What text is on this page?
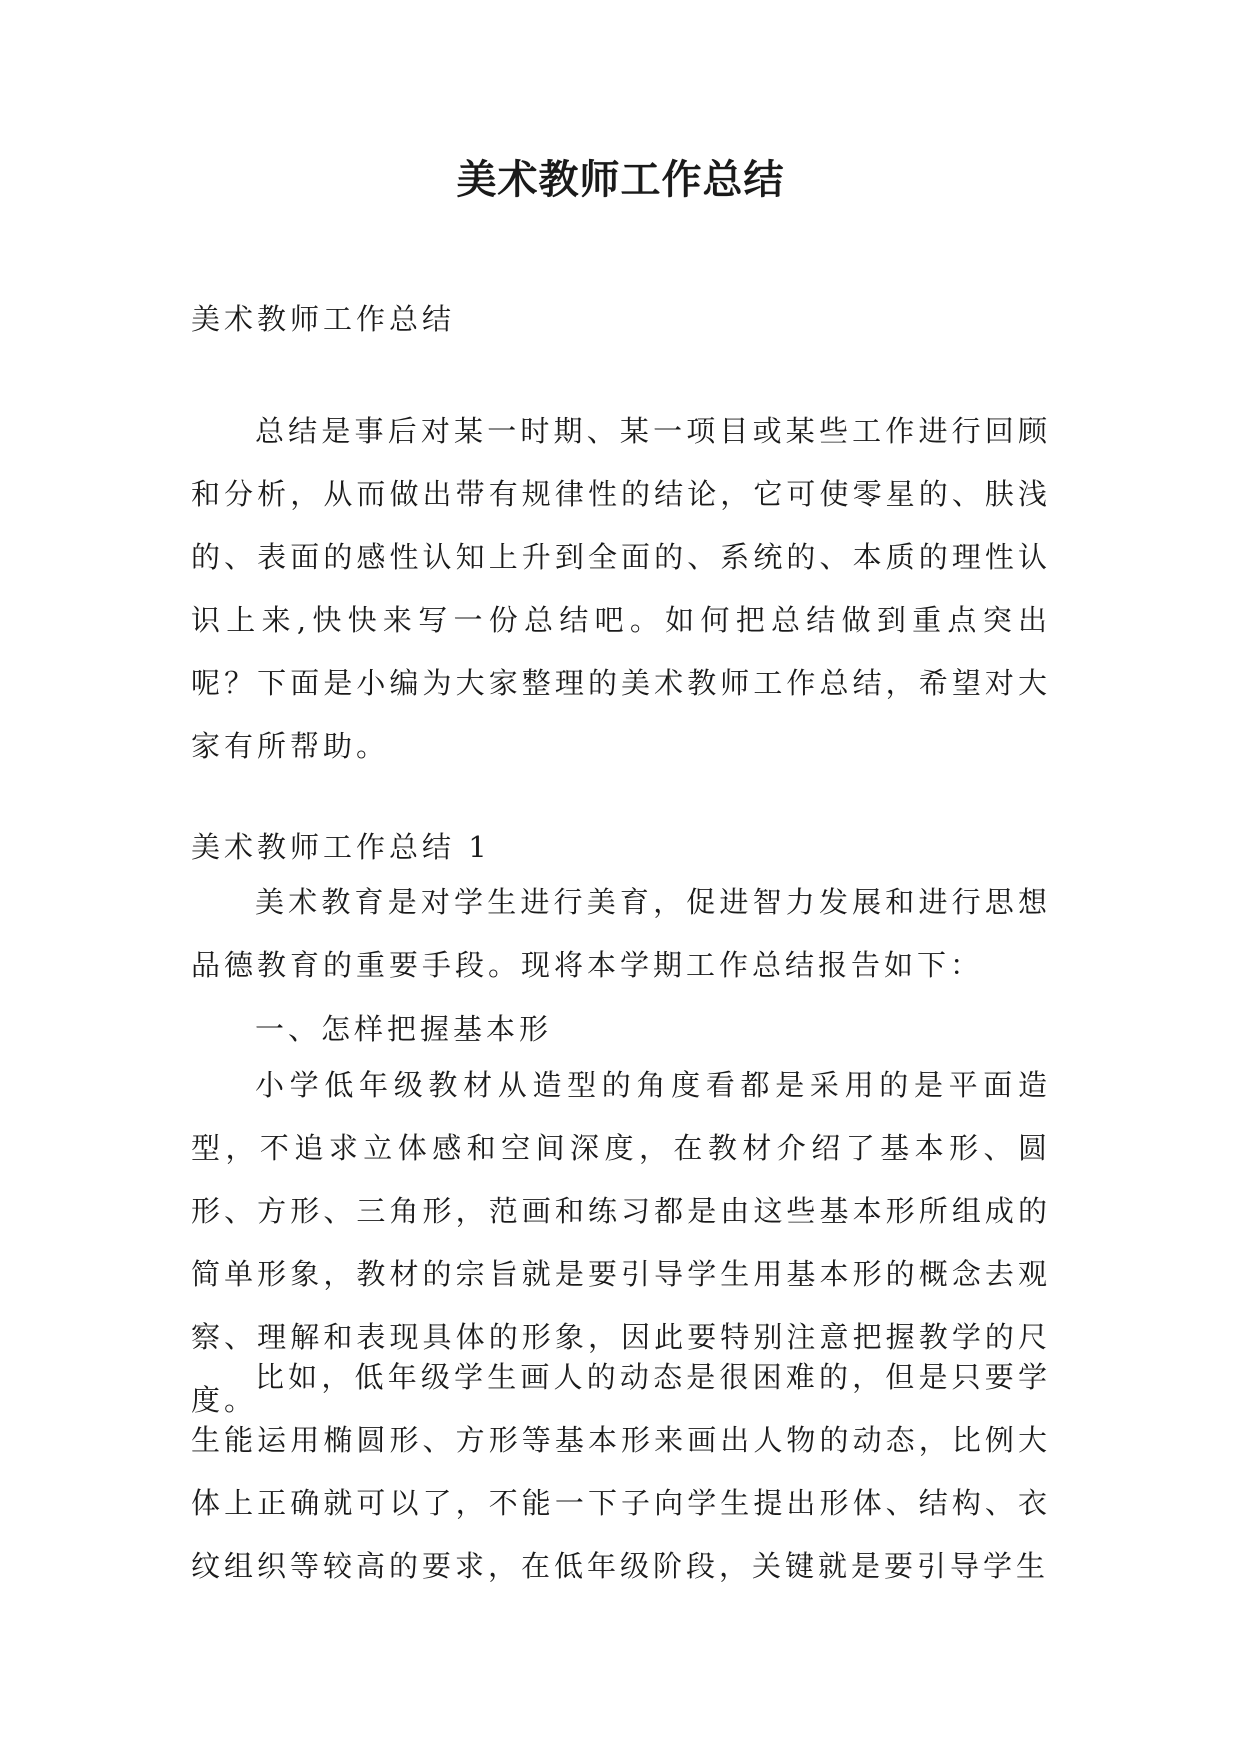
美术教师工作总结

美术教师工作总结

总结是事后对某一时期、某一项目或某些工作进行回顾和分析，从而做出带有规律性的结论，它可使零星的、肤浅的、表面的感性认知上升到全面的、系统的、本质的理性认识上来,快快来写一份总结吧。如何把总结做到重点突出呢？下面是小编为大家整理的美术教师工作总结，希望对大家有所帮助。

美术教师工作总结 1

美术教育是对学生进行美育，促进智力发展和进行思想品德教育的重要手段。现将本学期工作总结报告如下：

一、怎样把握基本形

小学低年级教材从造型的角度看都是采用的是平面造型，不追求立体感和空间深度，在教材介绍了基本形、圆形、方形、三角形，范画和练习都是由这些基本形所组成的简单形象，教材的宗旨就是要引导学生用基本形的概念去观察、理解和表现具体的形象，因此要特别注意把握教学的尺度。

比如，低年级学生画人的动态是很困难的，但是只要学生能运用椭圆形、方形等基本形来画出人物的动态，比例大体上正确就可以了，不能一下子向学生提出形体、结构、衣纹组织等较高的要求，在低年级阶段，关键就是要引导学生
